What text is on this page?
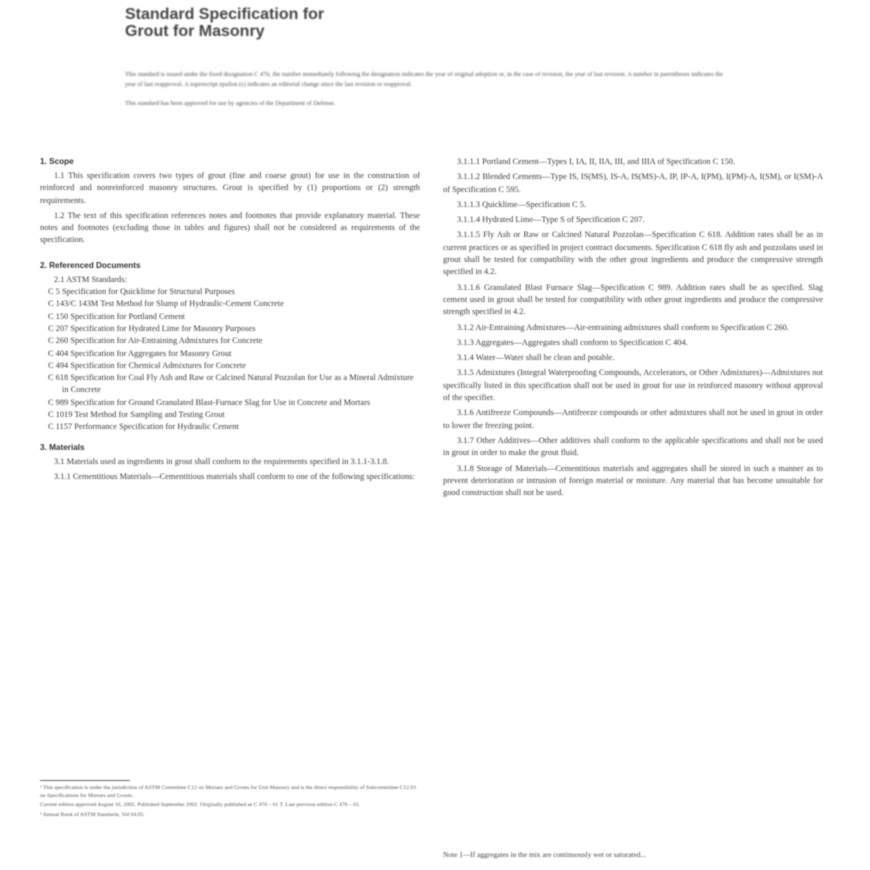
Standard Specification for
Grout for Masonry

This standard is issued under the fixed designation C 476; the number immediately following the designation indicates the year of original adoption or, in the case of revision, the year of last revision. A number in parentheses indicates the year of last reapproval. A superscript epsilon (ε) indicates an editorial change since the last revision or reapproval.

This standard has been approved for use by agencies of the Department of Defense.

1. Scope

1.1 This specification covers two types of grout (fine and coarse grout) for use in the construction of reinforced and nonreinforced masonry structures. Grout is specified by (1) proportions or (2) strength requirements.

1.2 The text of this specification references notes and footnotes that provide explanatory material. These notes and footnotes (excluding those in tables and figures) shall not be considered as requirements of the specification.

2. Referenced Documents
2.1 ASTM Standards:
C 5 Specification for Quicklime for Structural Purposes
C 143/C 143M Test Method for Slump of Hydraulic-Cement Concrete
C 150 Specification for Portland Cement
C 207 Specification for Hydrated Lime for Masonry Purposes
C 260 Specification for Air-Entraining Admixtures for Concrete
C 404 Specification for Aggregates for Masonry Grout
C 494 Specification for Chemical Admixtures for Concrete
C 618 Specification for Coal Fly Ash and Raw or Calcined Natural Pozzolan for Use as a Mineral Admixture in Concrete
C 989 Specification for Ground Granulated Blast-Furnace Slag for Use in Concrete and Mortars
C 1019 Test Method for Sampling and Testing Grout
C 1157 Performance Specification for Hydraulic Cement
3. Materials

3.1 Materials used as ingredients in grout shall conform to the requirements specified in 3.1.1-3.1.8.

3.1.1 Cementitious Materials—Cementitious materials shall conform to one of the following specifications:

¹ This specification is under the jurisdiction of ASTM Committee C12 on Mortars and Grouts for Unit Masonry and is the direct responsibility of Subcommittee C12.03 on Specifications for Mortars and Grouts.

Current edition approved August 10, 2002. Published September 2002. Originally published as C 476 – 61 T. Last previous edition C 476 – 01.

² Annual Book of ASTM Standards, Vol 04.05.

3.1.1.1 Portland Cement—Types I, IA, II, IIA, III, and IIIA of Specification C 150.

3.1.1.2 Blended Cements—Type IS, IS(MS), IS-A, IS(MS)-A, IP, IP-A, I(PM), I(PM)-A, I(SM), or I(SM)-A of Specification C 595.

3.1.1.3 Quicklime—Specification C 5.

3.1.1.4 Hydrated Lime—Type S of Specification C 207.

3.1.1.5 Fly Ash or Raw or Calcined Natural Pozzolan—Specification C 618. Addition rates shall be as in current practices or as specified in project contract documents. Specification C 618 fly ash and pozzolans used in grout shall be tested for compatibility with the other grout ingredients and produce the compressive strength specified in 4.2.

3.1.1.6 Granulated Blast Furnace Slag—Specification C 989. Addition rates shall be as specified. Slag cement used in grout shall be tested for compatibility with other grout ingredients and produce the compressive strength specified in 4.2.

3.1.2 Air-Entraining Admixtures—Air-entraining admixtures shall conform to Specification C 260.

3.1.3 Aggregates—Aggregates shall conform to Specification C 404.

3.1.4 Water—Water shall be clean and potable.

3.1.5 Admixtures (Integral Waterproofing Compounds, Accelerators, or Other Admixtures)—Admixtures not specifically listed in this specification shall not be used in grout for use in reinforced masonry without approval of the specifier.

3.1.6 Antifreeze Compounds—Antifreeze compounds or other admixtures shall not be used in grout in order to lower the freezing point.

3.1.7 Other Additives—Other additives shall conform to the applicable specifications and shall not be used in grout in order to make the grout fluid.

3.1.8 Storage of Materials—Cementitious materials and aggregates shall be stored in such a manner as to prevent deterioration or intrusion of foreign material or moisture. Any material that has become unsuitable for good construction shall not be used.

Note 1—If aggregates in the mix are continuously wet or saturated...
